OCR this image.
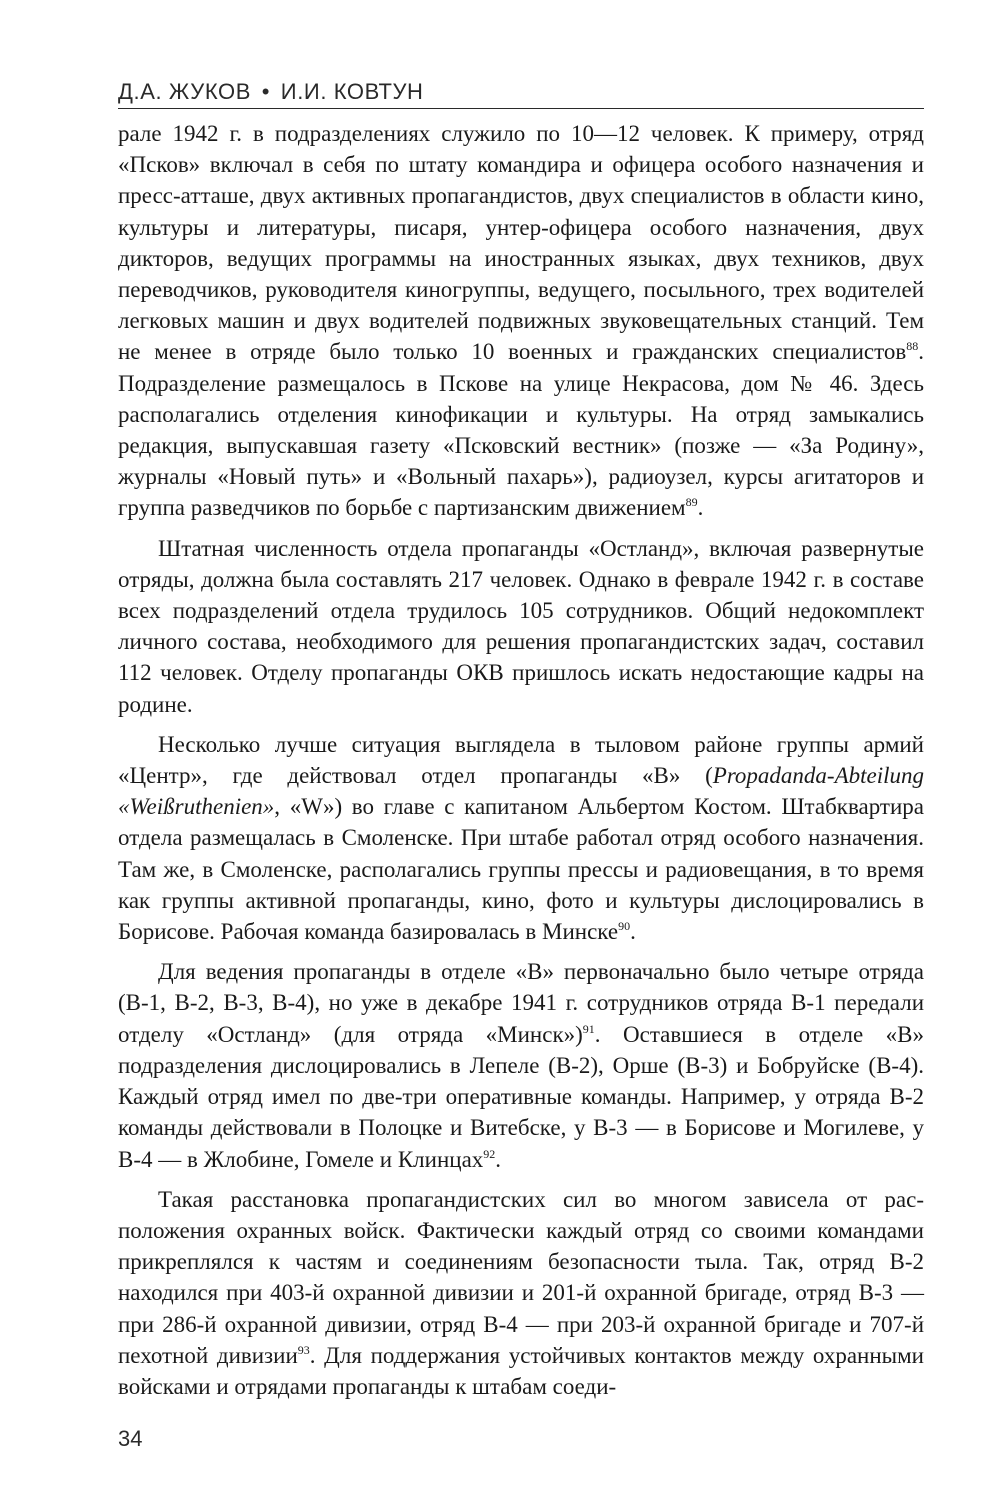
Д.А. ЖУКОВ • И.И. КОВТУН

рале 1942 г. в подразделениях служило по 10—12 человек. К примеру, отряд «Псков» включал в себя по штату командира и офицера особого назначения и пресс-атташе, двух активных пропагандистов, двух специалистов в области кино, культуры и литературы, писаря, унтер-офицера особого назначения, двух дикторов, ведущих программы на иностранных языках, двух техников, двух переводчиков, руководителя киногруппы, ведущего, посыльного, трех водителей легковых машин и двух водителей подвижных звуковещательных станций. Тем не менее в отряде было только 10 военных и гражданских специалистов$^{88}$. Подразделение размещалось в Пскове на улице Некрасова, дом № 46. Здесь располагались отделения кинофикации и культуры. На отряд замыкались редакция, выпускавшая газету «Псковский вестник» (позже — «За Родину», журналы «Новый путь» и «Вольный пахарь»), радиоузел, курсы агитаторов и группа разведчиков по борьбе с партизанским движением$^{89}$.

Штатная численность отдела пропаганды «Остланд», включая развернутые отряды, должна была составлять 217 человек. Однако в феврале 1942 г. в составе всех подразделений отдела трудилось 105 сотрудников. Общий недокомплект личного состава, необходимого для решения пропагандистских задач, составил 112 человек. Отделу пропаганды ОКВ пришлось искать недостающие кадры на родине.

Несколько лучше ситуация выглядела в тыловом районе группы армий «Центр», где действовал отдел пропаганды «В» (Propadanda-Abteilung «Weißruthenien», «W») во главе с капитаном Альбертом Костом. Штабквартира отдела размещалась в Смоленске. При штабе работал отряд особого назначения. Там же, в Смоленске, располагались группы прессы и радиовещания, в то время как группы активной пропаганды, кино, фото и культуры дислоцировались в Борисове. Рабочая команда базировалась в Минске$^{90}$.

Для ведения пропаганды в отделе «В» первоначально было четыре отряда (В-1, В-2, В-3, В-4), но уже в декабре 1941 г. сотрудников отряда В-1 передали отделу «Остланд» (для отряда «Минск»)$^{91}$. Оставшиеся в отделе «В» подразделения дислоцировались в Лепеле (В-2), Орше (В-3) и Бобруйске (В-4). Каждый отряд имел по две-три оперативные команды. Например, у отряда В-2 команды действовали в Полоцке и Витебске, у В-3 — в Борисове и Могилеве, у В-4 — в Жлобине, Гомеле и Клинцах$^{92}$.

Такая расстановка пропагандистских сил во многом зависела от расположения охранных войск. Фактически каждый отряд со своими командами прикреплялся к частям и соединениям безопасности тыла. Так, отряд В-2 находился при 403-й охранной дивизии и 201-й охранной бригаде, отряд В-3 — при 286-й охранной дивизии, отряд В-4 — при 203-й охранной бригаде и 707-й пехотной дивизии$^{93}$. Для поддержания устойчивых контактов между охранными войсками и отрядами пропаганды к штабам соеди-

34
